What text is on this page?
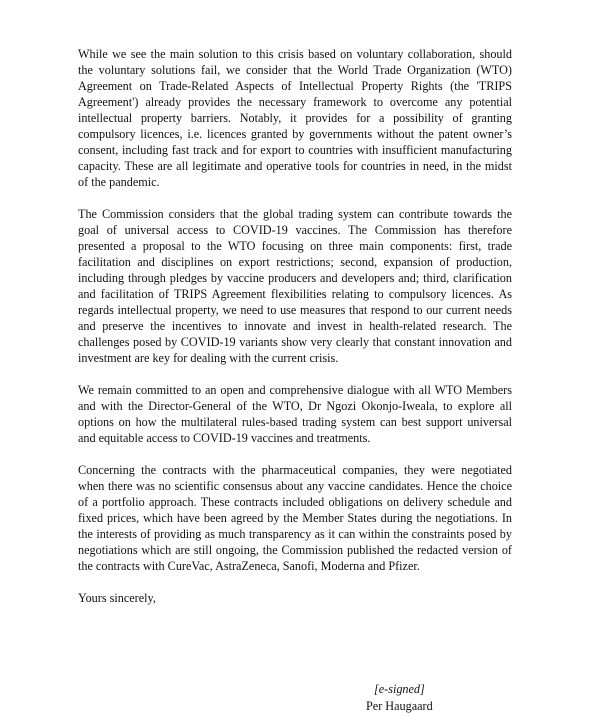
While we see the main solution to this crisis based on voluntary collaboration, should the voluntary solutions fail, we consider that the World Trade Organization (WTO) Agreement on Trade-Related Aspects of Intellectual Property Rights (the 'TRIPS Agreement') already provides the necessary framework to overcome any potential intellectual property barriers. Notably, it provides for a possibility of granting compulsory licences, i.e. licences granted by governments without the patent owner’s consent, including fast track and for export to countries with insufficient manufacturing capacity. These are all legitimate and operative tools for countries in need, in the midst of the pandemic.

The Commission considers that the global trading system can contribute towards the goal of universal access to COVID-19 vaccines. The Commission has therefore presented a proposal to the WTO focusing on three main components: first, trade facilitation and disciplines on export restrictions; second, expansion of production, including through pledges by vaccine producers and developers and; third, clarification and facilitation of TRIPS Agreement flexibilities relating to compulsory licences. As regards intellectual property, we need to use measures that respond to our current needs and preserve the incentives to innovate and invest in health-related research. The challenges posed by COVID-19 variants show very clearly that constant innovation and investment are key for dealing with the current crisis.

We remain committed to an open and comprehensive dialogue with all WTO Members and with the Director-General of the WTO, Dr Ngozi Okonjo-Iweala, to explore all options on how the multilateral rules-based trading system can best support universal and equitable access to COVID-19 vaccines and treatments.

Concerning the contracts with the pharmaceutical companies, they were negotiated when there was no scientific consensus about any vaccine candidates. Hence the choice of a portfolio approach. These contracts included obligations on delivery schedule and fixed prices, which have been agreed by the Member States during the negotiations. In the interests of providing as much transparency as it can within the constraints posed by negotiations which are still ongoing, the Commission published the redacted version of the contracts with CureVac, AstraZeneca, Sanofi, Moderna and Pfizer.

Yours sincerely,

[e-signed]
Per Haugaard
